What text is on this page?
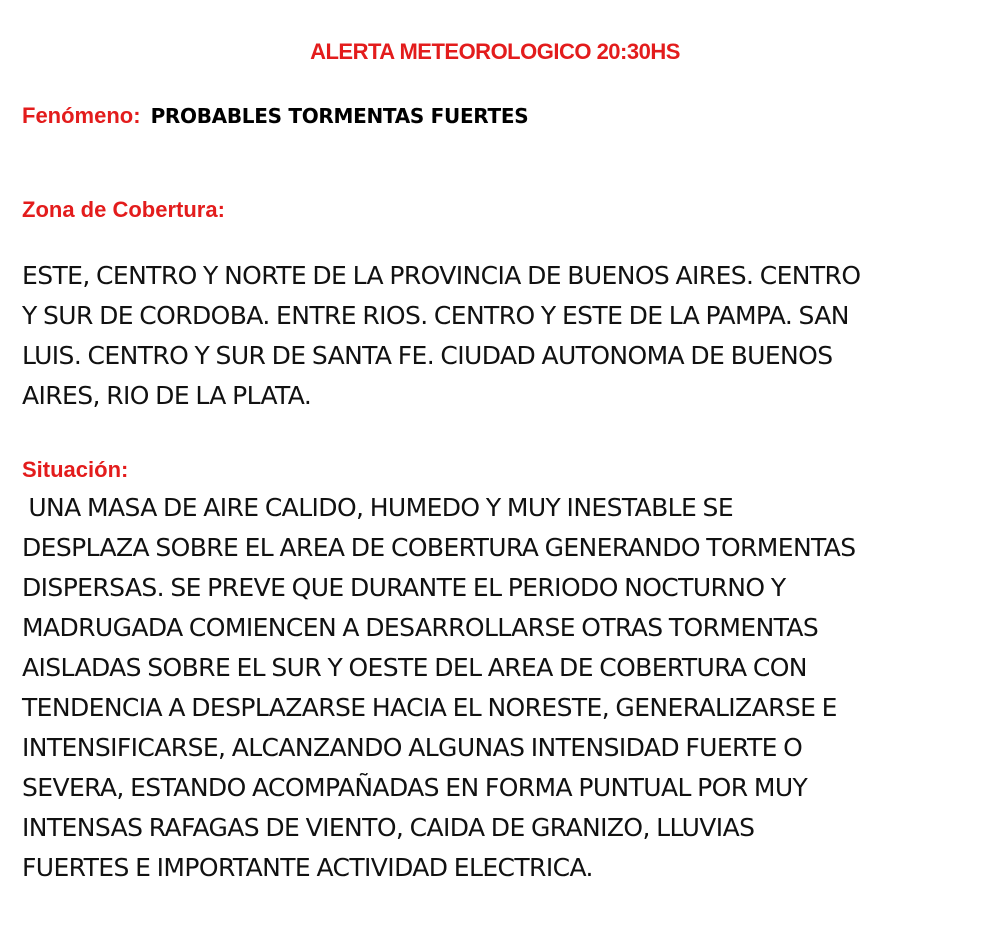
ALERTA METEOROLOGICO 20:30HS
Fenómeno: PROBABLES TORMENTAS FUERTES
Zona de Cobertura:
ESTE, CENTRO Y NORTE DE LA PROVINCIA DE BUENOS AIRES. CENTRO
Y SUR DE CORDOBA. ENTRE RIOS. CENTRO Y ESTE DE LA PAMPA. SAN
LUIS. CENTRO Y SUR DE SANTA FE. CIUDAD AUTONOMA DE BUENOS
AIRES, RIO DE LA PLATA.
Situación:
UNA MASA DE AIRE CALIDO, HUMEDO Y MUY INESTABLE SE
DESPLAZA SOBRE EL AREA DE COBERTURA GENERANDO TORMENTAS
DISPERSAS. SE PREVE QUE DURANTE EL PERIODO NOCTURNO Y
MADRUGADA COMIENCEN A DESARROLLARSE OTRAS TORMENTAS
AISLADAS SOBRE EL SUR Y OESTE DEL AREA DE COBERTURA CON
TENDENCIA A DESPLAZARSE HACIA EL NORESTE, GENERALIZARSE E
INTENSIFICARSE, ALCANZANDO ALGUNAS INTENSIDAD FUERTE O
SEVERA, ESTANDO ACOMPAÑADAS EN FORMA PUNTUAL POR MUY
INTENSAS RAFAGAS DE VIENTO, CAIDA DE GRANIZO, LLUVIAS
FUERTES E IMPORTANTE ACTIVIDAD ELECTRICA.
